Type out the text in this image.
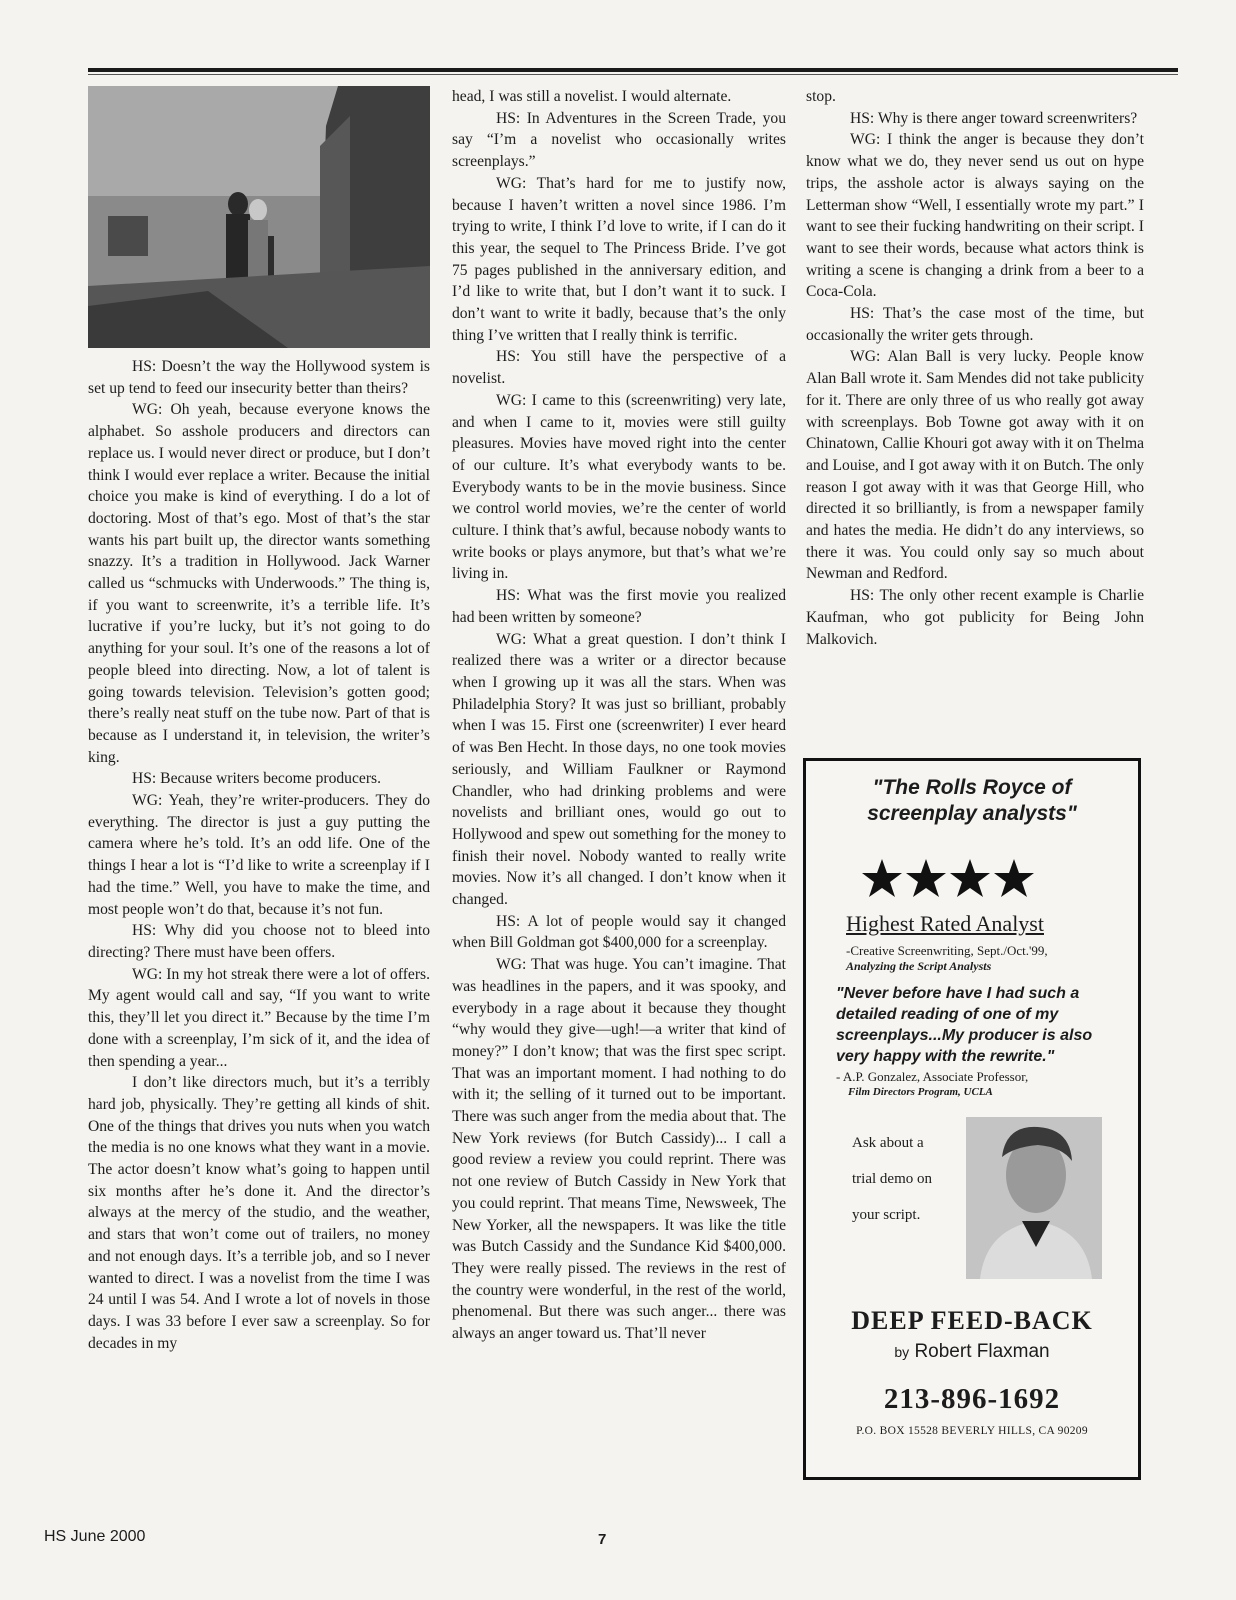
HS: Doesn’t the way the Hollywood system is set up tend to feed our insecurity better than theirs?

WG: Oh yeah, because everyone knows the alphabet. So asshole producers and directors can replace us. I would never direct or produce, but I don’t think I would ever replace a writer. Because the initial choice you make is kind of everything. I do a lot of doctoring. Most of that’s ego. Most of that’s the star wants his part built up, the director wants something snazzy. It’s a tradition in Hollywood. Jack Warner called us “schmucks with Underwoods.” The thing is, if you want to screenwrite, it’s a terrible life. It’s lucrative if you’re lucky, but it’s not going to do anything for your soul. It’s one of the reasons a lot of people bleed into directing. Now, a lot of talent is going towards television. Television’s gotten good; there’s really neat stuff on the tube now. Part of that is because as I understand it, in television, the writer’s king.

HS: Because writers become producers.

WG: Yeah, they’re writer-producers. They do everything. The director is just a guy putting the camera where he’s told. It’s an odd life. One of the things I hear a lot is “I’d like to write a screenplay if I had the time.” Well, you have to make the time, and most people won’t do that, because it’s not fun.

HS: Why did you choose not to bleed into directing? There must have been offers.

WG: In my hot streak there were a lot of offers. My agent would call and say, “If you want to write this, they’ll let you direct it.” Because by the time I’m done with a screenplay, I’m sick of it, and the idea of then spending a year...

I don’t like directors much, but it’s a terribly hard job, physically. They’re getting all kinds of shit. One of the things that drives you nuts when you watch the media is no one knows what they want in a movie. The actor doesn’t know what’s going to happen until six months after he’s done it. And the director’s always at the mercy of the studio, and the weather, and stars that won’t come out of trailers, no money and not enough days. It’s a terrible job, and so I never wanted to direct. I was a novelist from the time I was 24 until I was 54. And I wrote a lot of novels in those days. I was 33 before I ever saw a screenplay. So for decades in my

head, I was still a novelist. I would alternate.

HS: In Adventures in the Screen Trade, you say “I’m a novelist who occasionally writes screenplays.”

WG: That’s hard for me to justify now, because I haven’t written a novel since 1986. I’m trying to write, I think I’d love to write, if I can do it this year, the sequel to The Princess Bride. I’ve got 75 pages published in the anniversary edition, and I’d like to write that, but I don’t want it to suck. I don’t want to write it badly, because that’s the only thing I’ve written that I really think is terrific.

HS: You still have the perspective of a novelist.

WG: I came to this (screenwriting) very late, and when I came to it, movies were still guilty pleasures. Movies have moved right into the center of our culture. It’s what everybody wants to be. Everybody wants to be in the movie business. Since we control world movies, we’re the center of world culture. I think that’s awful, because nobody wants to write books or plays anymore, but that’s what we’re living in.

HS: What was the first movie you realized had been written by someone?

WG: What a great question. I don’t think I realized there was a writer or a director because when I growing up it was all the stars. When was Philadelphia Story? It was just so brilliant, probably when I was 15. First one (screenwriter) I ever heard of was Ben Hecht. In those days, no one took movies seriously, and William Faulkner or Raymond Chandler, who had drinking problems and were novelists and brilliant ones, would go out to Hollywood and spew out something for the money to finish their novel. Nobody wanted to really write movies. Now it’s all changed. I don’t know when it changed.

HS: A lot of people would say it changed when Bill Goldman got $400,000 for a screenplay.

WG: That was huge. You can’t imagine. That was headlines in the papers, and it was spooky, and everybody in a rage about it because they thought “why would they give—ugh!—a writer that kind of money?” I don’t know; that was the first spec script. That was an important moment. I had nothing to do with it; the selling of it turned out to be important. There was such anger from the media about that. The New York reviews (for Butch Cassidy)... I call a good review a review you could reprint. There was not one review of Butch Cassidy in New York that you could reprint. That means Time, Newsweek, The New Yorker, all the newspapers. It was like the title was Butch Cassidy and the Sundance Kid $400,000. They were really pissed. The reviews in the rest of the country were wonderful, in the rest of the world, phenomenal. But there was such anger... there was always an anger toward us. That’ll never

stop.

HS: Why is there anger toward screenwriters?

WG: I think the anger is because they don’t know what we do, they never send us out on hype trips, the asshole actor is always saying on the Letterman show “Well, I essentially wrote my part.” I want to see their fucking handwriting on their script. I want to see their words, because what actors think is writing a scene is changing a drink from a beer to a Coca-Cola.

HS: That’s the case most of the time, but occasionally the writer gets through.

WG: Alan Ball is very lucky. People know Alan Ball wrote it. Sam Mendes did not take publicity for it. There are only three of us who really got away with screenplays. Bob Towne got away with it on Chinatown, Callie Khouri got away with it on Thelma and Louise, and I got away with it on Butch. The only reason I got away with it was that George Hill, who directed it so brilliantly, is from a newspaper family and hates the media. He didn’t do any interviews, so there it was. You could only say so much about Newman and Redford.

HS: The only other recent example is Charlie Kaufman, who got publicity for Being John Malkovich.

"The Rolls Royce of
screenplay analysts"
Highest Rated Analyst
-Creative Screenwriting, Sept./Oct.'99,
Analyzing the Script Analysts
"Never before have I had such a detailed reading of one of my screenplays...My producer is also very happy with the rewrite."
- A.P. Gonzalez, Associate Professor,
Film Directors Program, UCLA
Ask about a
trial demo on
your script.
DEEP FEED-BACK
by Robert Flaxman
213-896-1692
P.O. BOX 15528 BEVERLY HILLS, CA 90209
HS June 2000	7
